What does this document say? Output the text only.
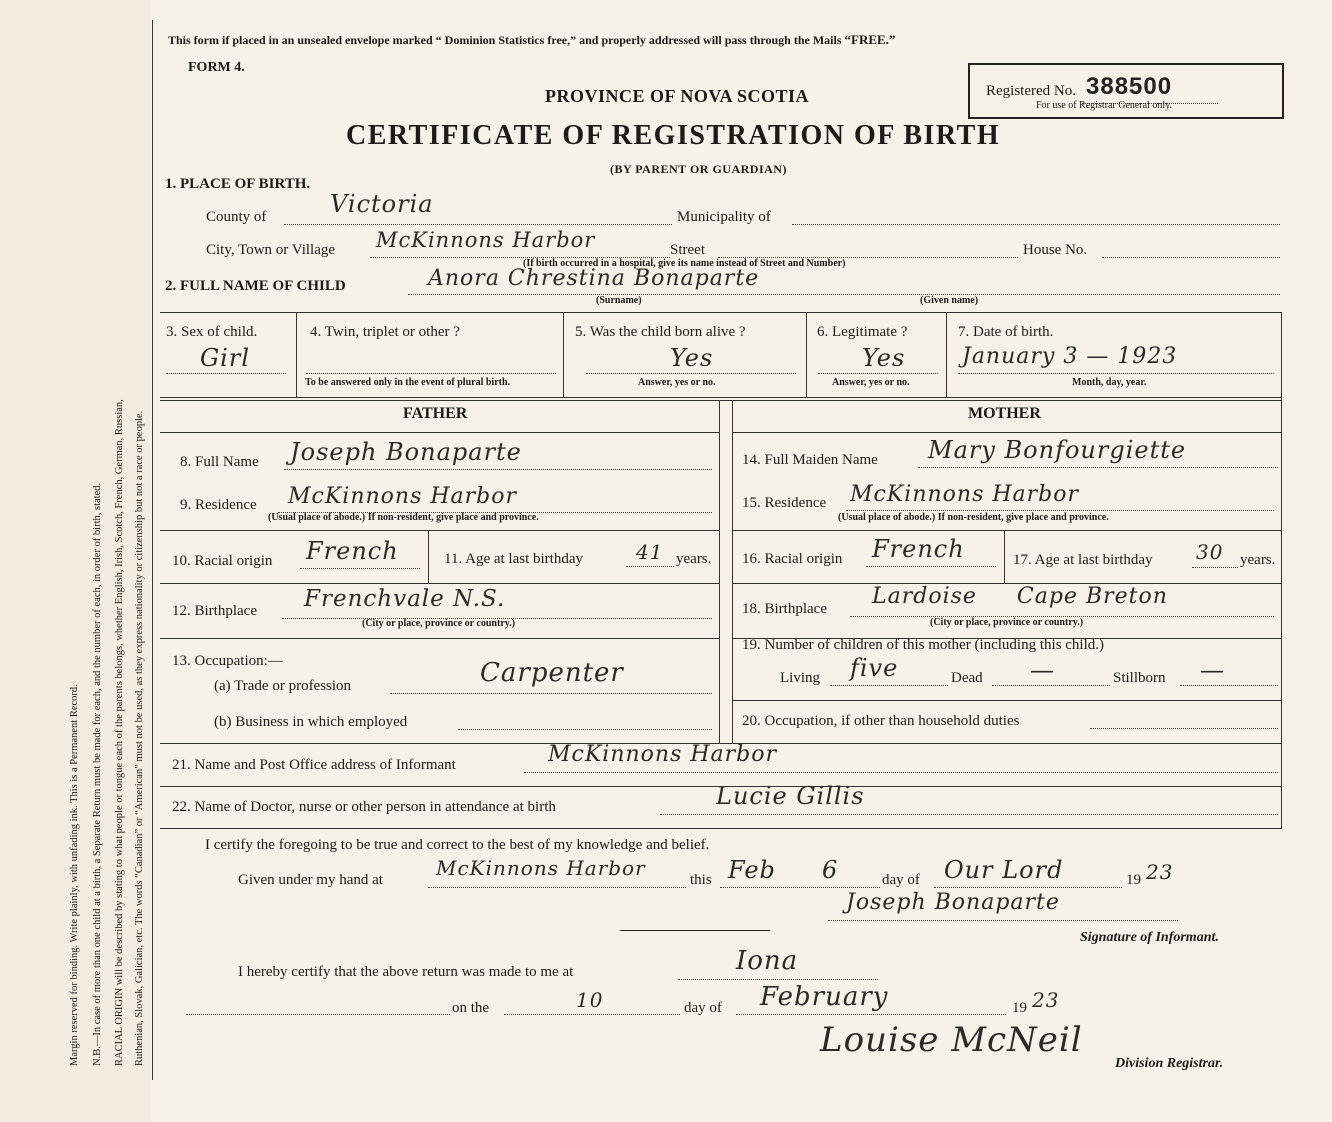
Margin reserved for binding. Write plainly, with unfading ink. This is a Permanent Record. N.B.—In case of more than one child at a birth, a Separate Return must be made for each, and the number of each, in order of birth, stated. RACIAL ORIGIN will be described by stating to what people or tongue each of the parents belongs, whether English, Irish, Scotch, French, German, Russian, Ruthenian, Slovak, Galician, etc. The words “Canadian” or “American” must not be used, as they express nationality or citizenship but not a race or people.
This form if placed in an unsealed envelope marked “ Dominion Statistics free,” and properly addressed will pass through the Mails “FREE.”
FORM 4.
PROVINCE OF NOVA SCOTIA
CERTIFICATE OF REGISTRATION OF BIRTH
(BY PARENT OR GUARDIAN)
Registered No. 388500
For use of Registrar General only.
1. PLACE OF BIRTH.
County of	Victoria	Municipality of
City, Town or Village McKinnons Harbor	Street	House No.
(If birth occurred in a hospital, give its name instead of Street and Number)
2. FULL NAME OF CHILD	Anora Chrestina Bonaparte
(Surname)	(Given name)
3. Sex of child.
Girl
4. Twin, triplet or other ?
To be answered only in the event of plural birth.
5. Was the child born alive ?
Yes
Answer, yes or no.
6. Legitimate ?
Yes
Answer, yes or no.
7. Date of birth.
January 3 — 1923
Month, day, year.
FATHER	MOTHER
8. Full Name Joseph Bonaparte
9. Residence McKinnons Harbor
(Usual place of abode.) If non-resident, give place and province.
10. Racial origin French	11. Age at last birthday	41 years.
12. Birthplace Frenchvale N.S.
(City or place, province or country.)
13. Occupation:—
(a) Trade or profession	Carpenter
(b) Business in which employed
14. Full Maiden Name Mary Bonfourgiette
15. Residence McKinnons Harbor
(Usual place of abode.) If non-resident, give place and province.
16. Racial origin French	17. Age at last birthday 30 years.
18. Birthplace Lardoise     Cape Breton
(City or place, province or country.)
19. Number of children of this mother (including this child.)
Living five	Dead —	Stillborn —
20. Occupation, if other than household duties
21. Name and Post Office address of Informant	McKinnons Harbor
22. Name of Doctor, nurse or other person in attendance at birth	Lucie Gillis
I certify the foregoing to be true and correct to the best of my knowledge and belief.
Given under my hand at	McKinnons Harbor	this Feb 6	day of Our Lord	19 23
Joseph Bonaparte
Signature of Informant.
I hereby certify that the above return was made to me at	Iona
on the	10	day of February	19 23
Louise McNeil
Division Registrar.
